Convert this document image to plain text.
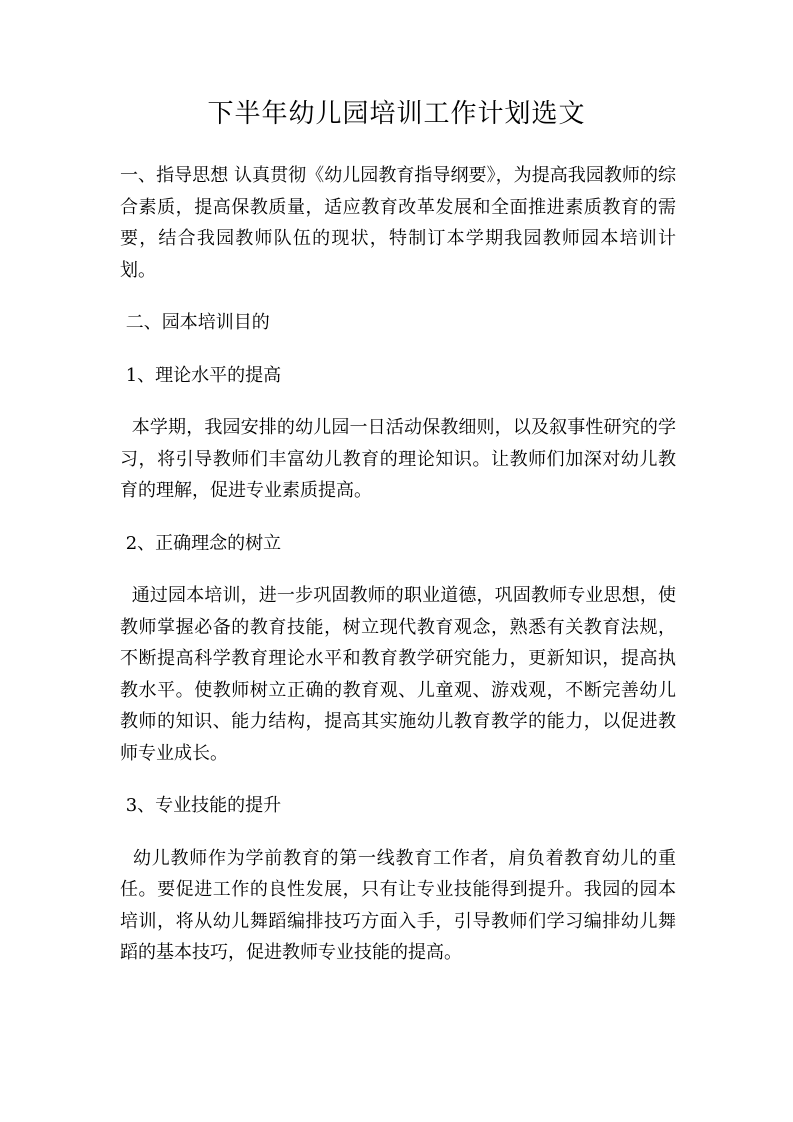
下半年幼儿园培训工作计划选文

一、指导思想 认真贯彻《幼儿园教育指导纲要》，为提高我园教师的综合素质，提高保教质量，适应教育改革发展和全面推进素质教育的需要，结合我园教师队伍的现状，特制订本学期我园教师园本培训计划。

二、园本培训目的

1、理论水平的提高

本学期，我园安排的幼儿园一日活动保教细则，以及叙事性研究的学习，将引导教师们丰富幼儿教育的理论知识。让教师们加深对幼儿教育的理解，促进专业素质提高。

2、正确理念的树立

通过园本培训，进一步巩固教师的职业道德，巩固教师专业思想，使教师掌握必备的教育技能，树立现代教育观念，熟悉有关教育法规，不断提高科学教育理论水平和教育教学研究能力，更新知识，提高执教水平。使教师树立正确的教育观、儿童观、游戏观，不断完善幼儿教师的知识、能力结构，提高其实施幼儿教育教学的能力，以促进教师专业成长。

3、专业技能的提升

幼儿教师作为学前教育的第一线教育工作者，肩负着教育幼儿的重任。要促进工作的良性发展，只有让专业技能得到提升。我园的园本培训，将从幼儿舞蹈编排技巧方面入手，引导教师们学习编排幼儿舞蹈的基本技巧，促进教师专业技能的提高。
